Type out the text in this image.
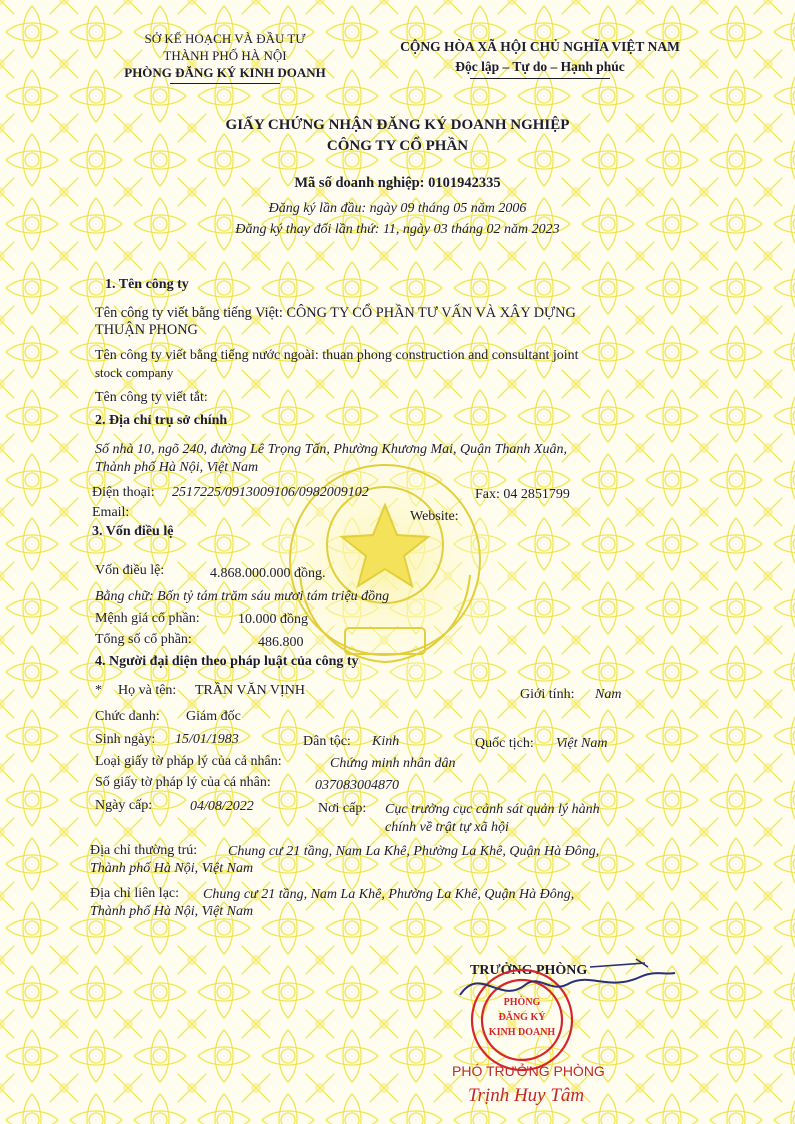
SỞ KẾ HOẠCH VÀ ĐẦU TƯ
THÀNH PHỐ HÀ NỘI
PHÒNG ĐĂNG KÝ KINH DOANH
CỘNG HÒA XÃ HỘI CHỦ NGHĨA VIỆT NAM
Độc lập – Tự do – Hạnh phúc
GIẤY CHỨNG NHẬN ĐĂNG KÝ DOANH NGHIỆP
CÔNG TY CỔ PHẦN
Mã số doanh nghiệp: 0101942335
Đăng ký lần đầu: ngày 09 tháng 05 năm 2006
Đăng ký thay đổi lần thứ: 11, ngày 03 tháng 02 năm 2023
1. Tên công ty
Tên công ty viết bằng tiếng Việt: CÔNG TY CỔ PHẦN TƯ VẤN VÀ XÂY DỰNG
THUẬN PHONG
Tên công ty viết bằng tiếng nước ngoài: thuan phong construction and consultant joint
stock company
Tên công ty viết tắt:
2. Địa chỉ trụ sở chính
Số nhà 10, ngõ 240, đường Lê Trọng Tấn, Phường Khương Mai, Quận Thanh Xuân,
Thành phố Hà Nội, Việt Nam
Điện thoại: 2517225/0913009106/0982009102	Fax: 04 2851799
Email:	Website:
3. Vốn điều lệ
Vốn điều lệ:	4.868.000.000 đồng.
Bằng chữ: Bốn tỷ tám trăm sáu mươi tám triệu đồng
Mệnh giá cổ phần:	10.000 đồng
Tổng số cổ phần:	486.800
4. Người đại diện theo pháp luật của công ty
* Họ và tên: TRẦN VĂN VỊNH	Giới tính: Nam
Chức danh: Giám đốc
Sinh ngày: 15/01/1983	Dân tộc: Kinh	Quốc tịch: Việt Nam
Loại giấy tờ pháp lý của cá nhân:	Chứng minh nhân dân
Số giấy tờ pháp lý của cá nhân:	037083004870
Ngày cấp:	04/08/2022	Nơi cấp: Cục trưởng cục cảnh sát quản lý hành
chính về trật tự xã hội
Địa chỉ thường trú: Chung cư 21 tầng, Nam La Khê, Phường La Khê, Quận Hà Đông,
Thành phố Hà Nội, Việt Nam
Địa chỉ liên lạc: Chung cư 21 tầng, Nam La Khê, Phường La Khê, Quận Hà Đông,
Thành phố Hà Nội, Việt Nam
TRƯỞNG PHÒNG
PHÒNG
ĐĂNG KÝ
KINH DOANH
PHÓ TRƯỞNG PHÒNG
Trịnh Huy Tâm
